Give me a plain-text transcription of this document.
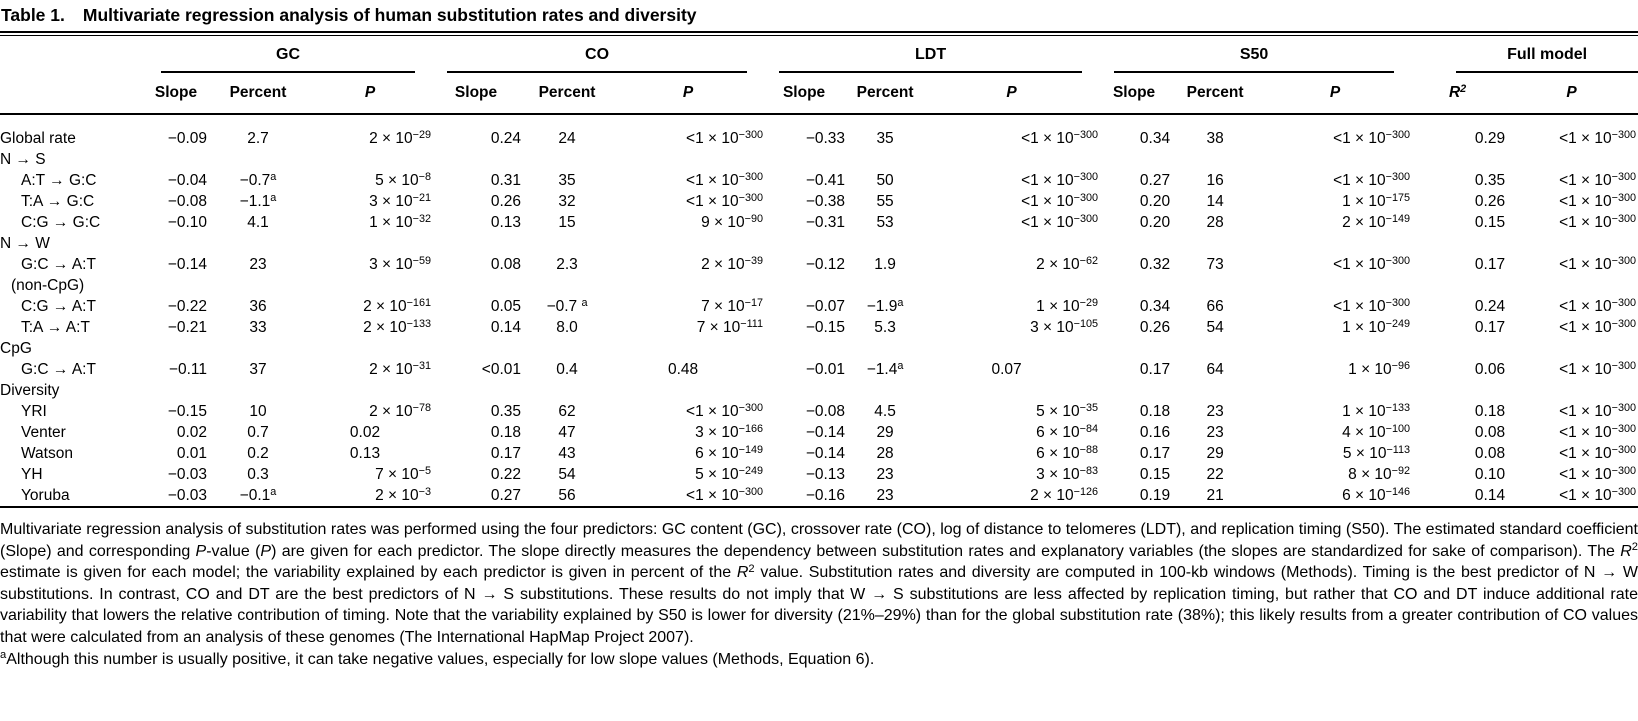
Table 1. Multivariate regression analysis of human substitution rates and diversity

	GC			CO			LDT			S50			Full model	

	Slope	Percent	P	Slope	Percent	P	Slope	Percent	P	Slope	Percent	P	$R^2$	P

Global rate	−0.09	2.7	$2 \times 10^{-29}$	0.24	24	$<1 \times 10^{-300}$	−0.33	35	$<1 \times 10^{-300}$	0.34	38	$<1 \times 10^{-300}$	0.29	$<1 \times 10^{-300}$
N → S														

A:T → G:C	−0.04	−0.7$^a$	$5 \times 10^{-8}$	0.31	35	$<1 \times 10^{-300}$	−0.41	50	$<1 \times 10^{-300}$	0.27	16	$<1 \times 10^{-300}$	0.35	$<1 \times 10^{-300}$

T:A → G:C	−0.08	−1.1$^a$	$3 \times 10^{-21}$	0.26	32	$<1 \times 10^{-300}$	−0.38	55	$<1 \times 10^{-300}$	0.20	14	$1 \times 10^{-175}$	0.26	$<1 \times 10^{-300}$

C:G → G:C	−0.10	4.1	$1 \times 10^{-32}$	0.13	15	$9 \times 10^{-90}$	−0.31	53	$<1 \times 10^{-300}$	0.20	28	$2 \times 10^{-149}$	0.15	$<1 \times 10^{-300}$
N → W														

G:C → A:T
(non-CpG)	−0.14	23	$3 \times 10^{-59}$	0.08	2.3	$2 \times 10^{-39}$	−0.12	1.9	$2 \times 10^{-62}$	0.32	73	$<1 \times 10^{-300}$	0.17	$<1 \times 10^{-300}$

C:G → A:T	−0.22	36	$2 \times 10^{-161}$	0.05	−0.7 $^a$	$7 \times 10^{-17}$	−0.07	−1.9$^a$	$1 \times 10^{-29}$	0.34	66	$<1 \times 10^{-300}$	0.24	$<1 \times 10^{-300}$

T:A → A:T	−0.21	33	$2 \times 10^{-133}$	0.14	8.0	$7 \times 10^{-111}$	−0.15	5.3	$3 \times 10^{-105}$	0.26	54	$1 \times 10^{-249}$	0.17	$<1 \times 10^{-300}$
CpG														

G:C → A:T	−0.11	37	$2 \times 10^{-31}$	<0.01	0.4	0.48	−0.01	−1.4$^a$	0.07	0.17	64	$1 \times 10^{-96}$	0.06	$<1 \times 10^{-300}$
Diversity														

YRI	−0.15	10	$2 \times 10^{-78}$	0.35	62	$<1 \times 10^{-300}$	−0.08	4.5	$5 \times 10^{-35}$	0.18	23	$1 \times 10^{-133}$	0.18	$<1 \times 10^{-300}$

Venter	0.02	0.7	0.02	0.18	47	$3 \times 10^{-166}$	−0.14	29	$6 \times 10^{-84}$	0.16	23	$4 \times 10^{-100}$	0.08	$<1 \times 10^{-300}$

Watson	0.01	0.2	0.13	0.17	43	$6 \times 10^{-149}$	−0.14	28	$6 \times 10^{-88}$	0.17	29	$5 \times 10^{-113}$	0.08	$<1 \times 10^{-300}$

YH	−0.03	0.3	$7 \times 10^{-5}$	0.22	54	$5 \times 10^{-249}$	−0.13	23	$3 \times 10^{-83}$	0.15	22	$8 \times 10^{-92}$	0.10	$<1 \times 10^{-300}$

Yoruba	−0.03	−0.1$^a$	$2 \times 10^{-3}$	0.27	56	$<1 \times 10^{-300}$	−0.16	23	$2 \times 10^{-126}$	0.19	21	$6 \times 10^{-146}$	0.14	$<1 \times 10^{-300}$

Multivariate regression analysis of substitution rates was performed using the four predictors: GC content (GC), crossover rate (CO), log of distance to telomeres (LDT), and replication timing (S50). The estimated standard coefficient (Slope) and corresponding P-value (P) are given for each predictor. The slope directly measures the dependency between substitution rates and explanatory variables (the slopes are standardized for sake of comparison). The $R^2$ estimate is given for each model; the variability explained by each predictor is given in percent of the $R^2$ value. Substitution rates and diversity are computed in 100-kb windows (Methods). Timing is the best predictor of N → W substitutions. In contrast, CO and DT are the best predictors of N → S substitutions. These results do not imply that W → S substitutions are less affected by replication timing, but rather that CO and DT induce additional rate variability that lowers the relative contribution of timing. Note that the variability explained by S50 is lower for diversity (21%–29%) than for the global substitution rate (38%); this likely results from a greater contribution of CO values that were calculated from an analysis of these genomes (The International HapMap Project 2007).

$^a$Although this number is usually positive, it can take negative values, especially for low slope values (Methods, Equation 6).
